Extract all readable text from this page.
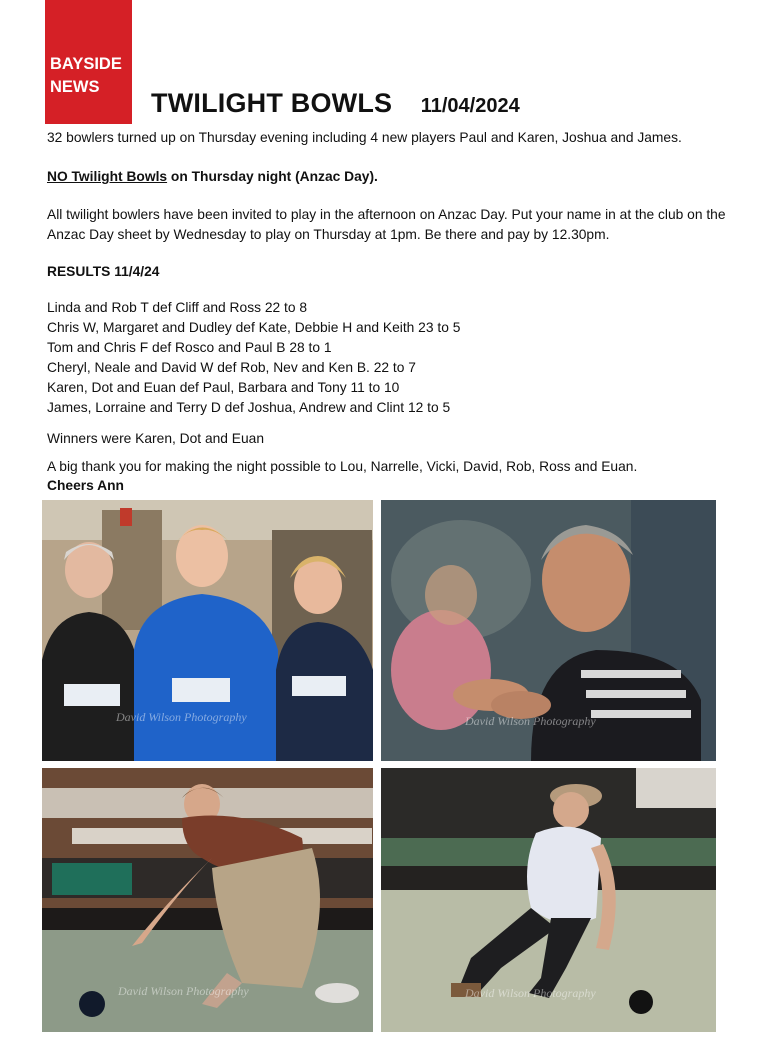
BAYSIDE
NEWS
TWILIGHT BOWLS 11/04/2024

32 bowlers turned up on Thursday evening including 4 new players Paul and Karen, Joshua and James.

NO Twilight Bowls on Thursday night (Anzac Day).

All twilight bowlers have been invited to play in the afternoon on Anzac Day. Put your name in at the club on the Anzac Day sheet by Wednesday to play on Thursday at 1pm. Be there and pay by 12.30pm.

RESULTS 11/4/24

Linda and Rob T def Cliff and Ross 22 to 8
Chris W, Margaret and Dudley def Kate, Debbie H and Keith 23 to 5
Tom and Chris F def Rosco and Paul B 28 to 1
Cheryl, Neale and David W def Rob, Nev and Ken B. 22 to 7
Karen, Dot and Euan def Paul, Barbara and Tony 11 to 10
James, Lorraine and Terry D def Joshua, Andrew and Clint 12 to 5

Winners were Karen, Dot and Euan

A big thank you for making the night possible to Lou, Narrelle, Vicki, David, Rob, Ross and Euan.

Cheers Ann

David Wilson Photography	David Wilson Photography
David Wilson Photography	David Wilson Photography
